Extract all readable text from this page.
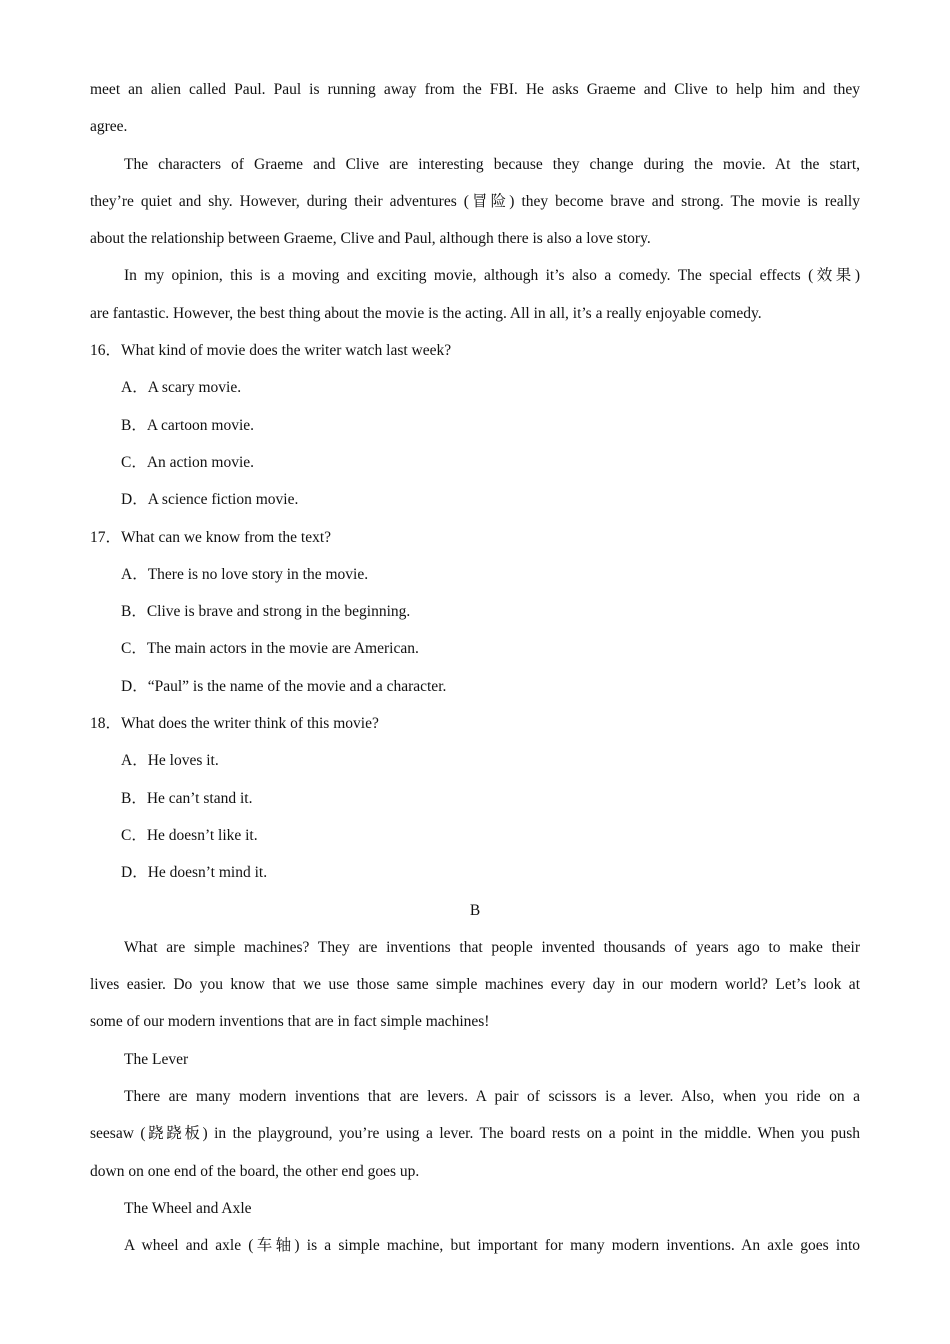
meet an alien called Paul. Paul is running away from the FBI. He asks Graeme and Clive to help him and they
agree.
The characters of Graeme and Clive are interesting because they change during the movie. At the start,
they’re quiet and shy. However, during their adventures (冒险) they become brave and strong. The movie is really
about the relationship between Graeme, Clive and Paul, although there is also a love story.
In my opinion, this is a moving and exciting movie, although it’s also a comedy. The special effects (效果)
are fantastic. However, the best thing about the movie is the acting. All in all, it’s a really enjoyable comedy.
16．What kind of movie does the writer watch last week?
A．A scary movie.
B．A cartoon movie.
C．An action movie.
D．A science fiction movie.
17．What can we know from the text?
A．There is no love story in the movie.
B．Clive is brave and strong in the beginning.
C．The main actors in the movie are American.
D．“Paul” is the name of the movie and a character.
18．What does the writer think of this movie?
A．He loves it.
B．He can’t stand it.
C．He doesn’t like it.
D．He doesn’t mind it.
B
What are simple machines? They are inventions that people invented thousands of years ago to make their
lives easier. Do you know that we use those same simple machines every day in our modern world? Let’s look at
some of our modern inventions that are in fact simple machines!
The Lever
There are many modern inventions that are levers. A pair of scissors is a lever. Also, when you ride on a
seesaw (跷跷板) in the playground, you’re using a lever. The board rests on a point in the middle. When you push
down on one end of the board, the other end goes up.
The Wheel and Axle
A wheel and axle (车轴) is a simple machine, but important for many modern inventions. An axle goes into
